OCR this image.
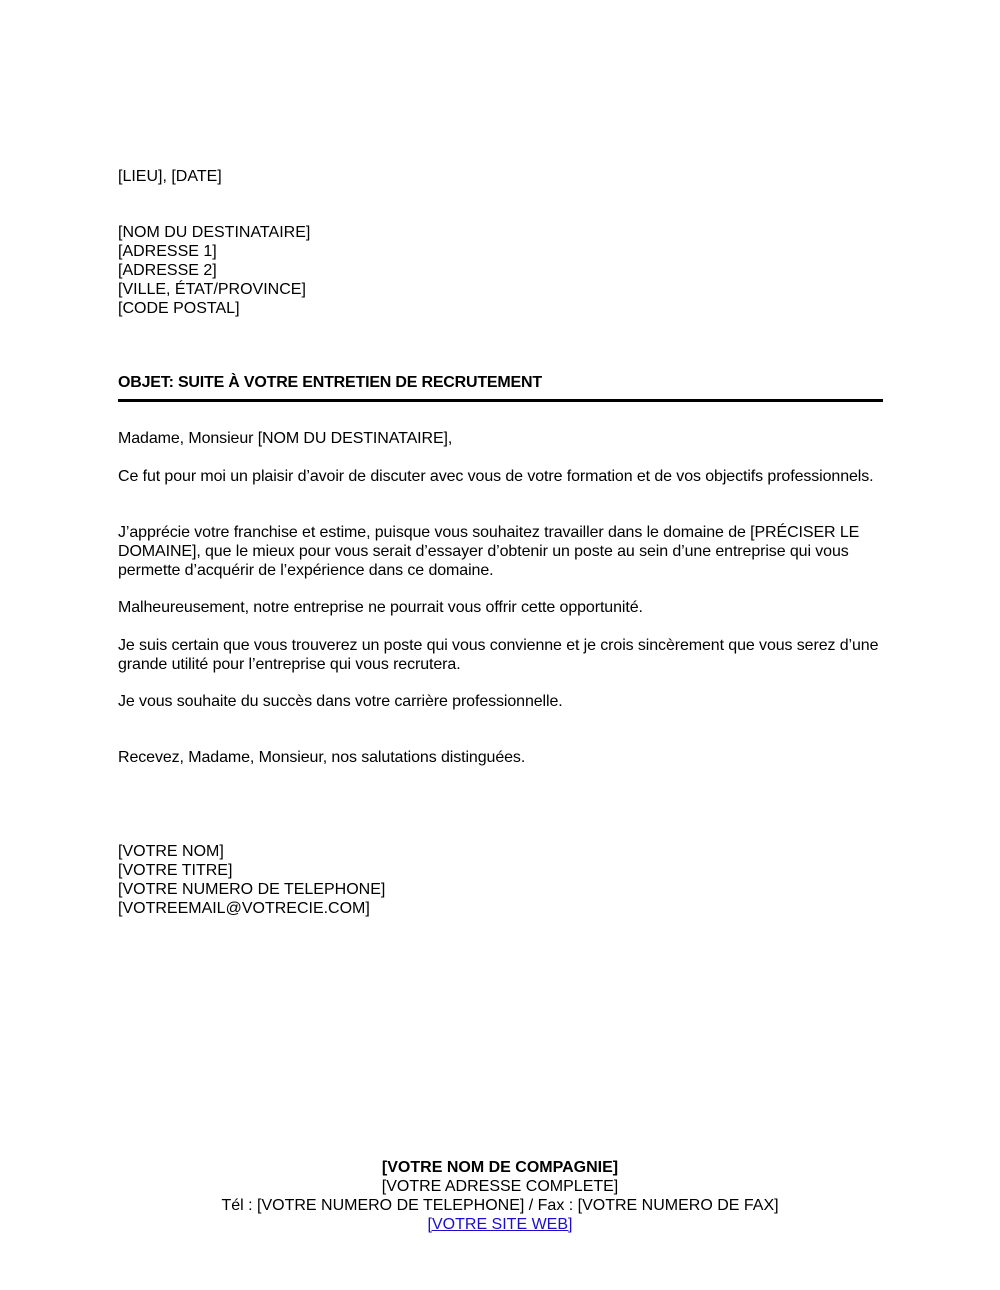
[LIEU], [DATE]
[NOM DU DESTINATAIRE]
[ADRESSE 1]
[ADRESSE 2]
[VILLE, ÉTAT/PROVINCE]
[CODE POSTAL]
OBJET: SUITE À VOTRE ENTRETIEN DE RECRUTEMENT
Madame, Monsieur [NOM DU DESTINATAIRE],
Ce fut pour moi un plaisir d’avoir de discuter avec vous de votre formation et de vos objectifs professionnels.
J’apprécie votre franchise et estime, puisque vous souhaitez travailler dans le domaine de [PRÉCISER LE DOMAINE], que le mieux pour vous serait d’essayer d’obtenir un poste au sein d’une entreprise qui vous permette d’acquérir de l’expérience dans ce domaine.
Malheureusement, notre entreprise ne pourrait vous offrir cette opportunité.
Je suis certain que vous trouverez un poste qui vous convienne et je crois sincèrement que vous serez d’une grande utilité pour l’entreprise qui vous recrutera.
Je vous souhaite du succès dans votre carrière professionnelle.
Recevez, Madame, Monsieur, nos salutations distinguées.
[VOTRE NOM]
[VOTRE TITRE]
[VOTRE NUMERO DE TELEPHONE]
[VOTREEMAIL@VOTRECIE.COM]
[VOTRE NOM DE COMPAGNIE]
[VOTRE ADRESSE COMPLETE]
Tél : [VOTRE NUMERO DE TELEPHONE] / Fax : [VOTRE NUMERO DE FAX]
[VOTRE SITE WEB]
